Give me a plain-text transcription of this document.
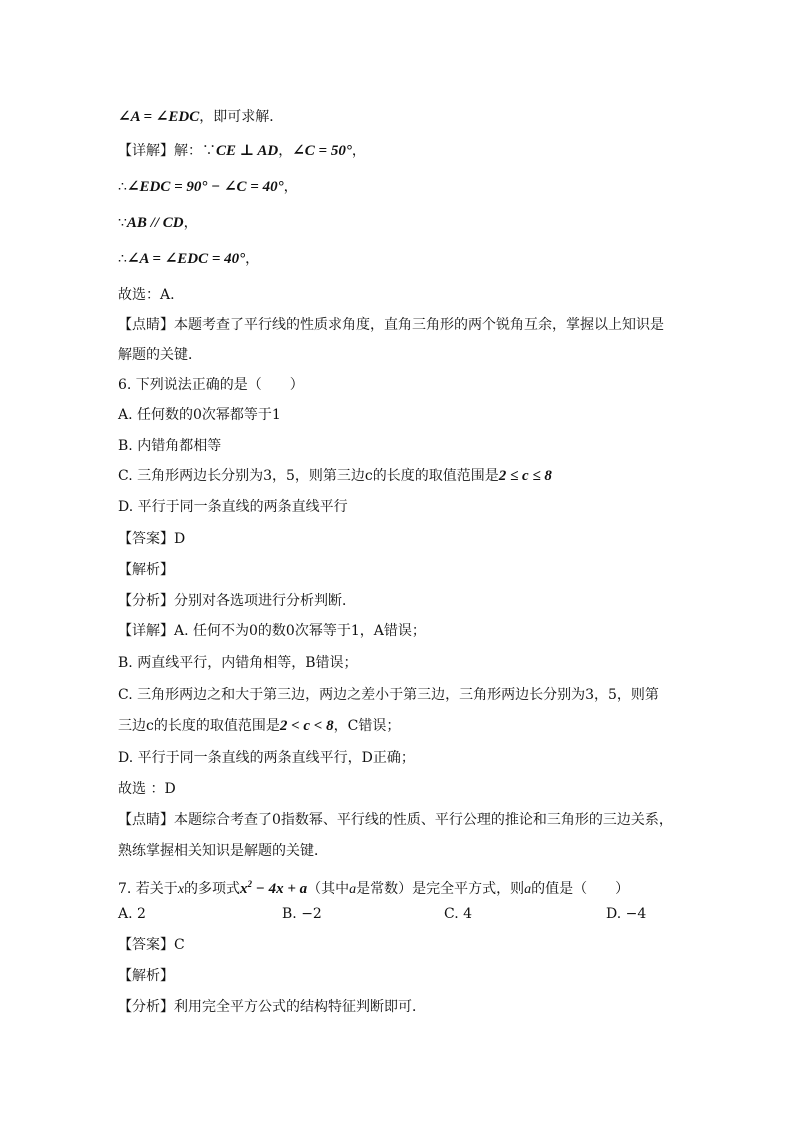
∠A = ∠EDC，即可求解．
【详解】解：∵CE ⊥ AD，∠C = 50°，
∴∠EDC = 90° − ∠C = 40°，
∵AB // CD，
∴∠A = ∠EDC = 40°，
故选：A.
【点睛】本题考查了平行线的性质求角度，直角三角形的两个锐角互余，掌握以上知识是
解题的关键．
6. 下列说法正确的是（　　）
A. 任何数的0次幂都等于1
B. 内错角都相等
C. 三角形两边长分别为3，5，则第三边c的长度的取值范围是2 ≤ c ≤ 8
D. 平行于同一条直线的两条直线平行
【答案】D
【解析】
【分析】分别对各选项进行分析判断．
【详解】A. 任何不为0的数0次幂等于1，A错误；
B. 两直线平行，内错角相等，B错误；
C. 三角形两边之和大于第三边，两边之差小于第三边，三角形两边长分别为3，5，则第
三边c的长度的取值范围是2 < c < 8，C错误；
D. 平行于同一条直线的两条直线平行，D正确；
故选 ：D
【点睛】本题综合考查了0指数幂、平行线的性质、平行公理的推论和三角形的三边关系，
熟练掌握相关知识是解题的关键．
7. 若关于x的多项式$x^2 - 4x + a$（其中a是常数）是完全平方式，则a的值是（　　）
A. 2	B. −2	C. 4	D. −4
【答案】C
【解析】
【分析】利用完全平方公式的结构特征判断即可．
